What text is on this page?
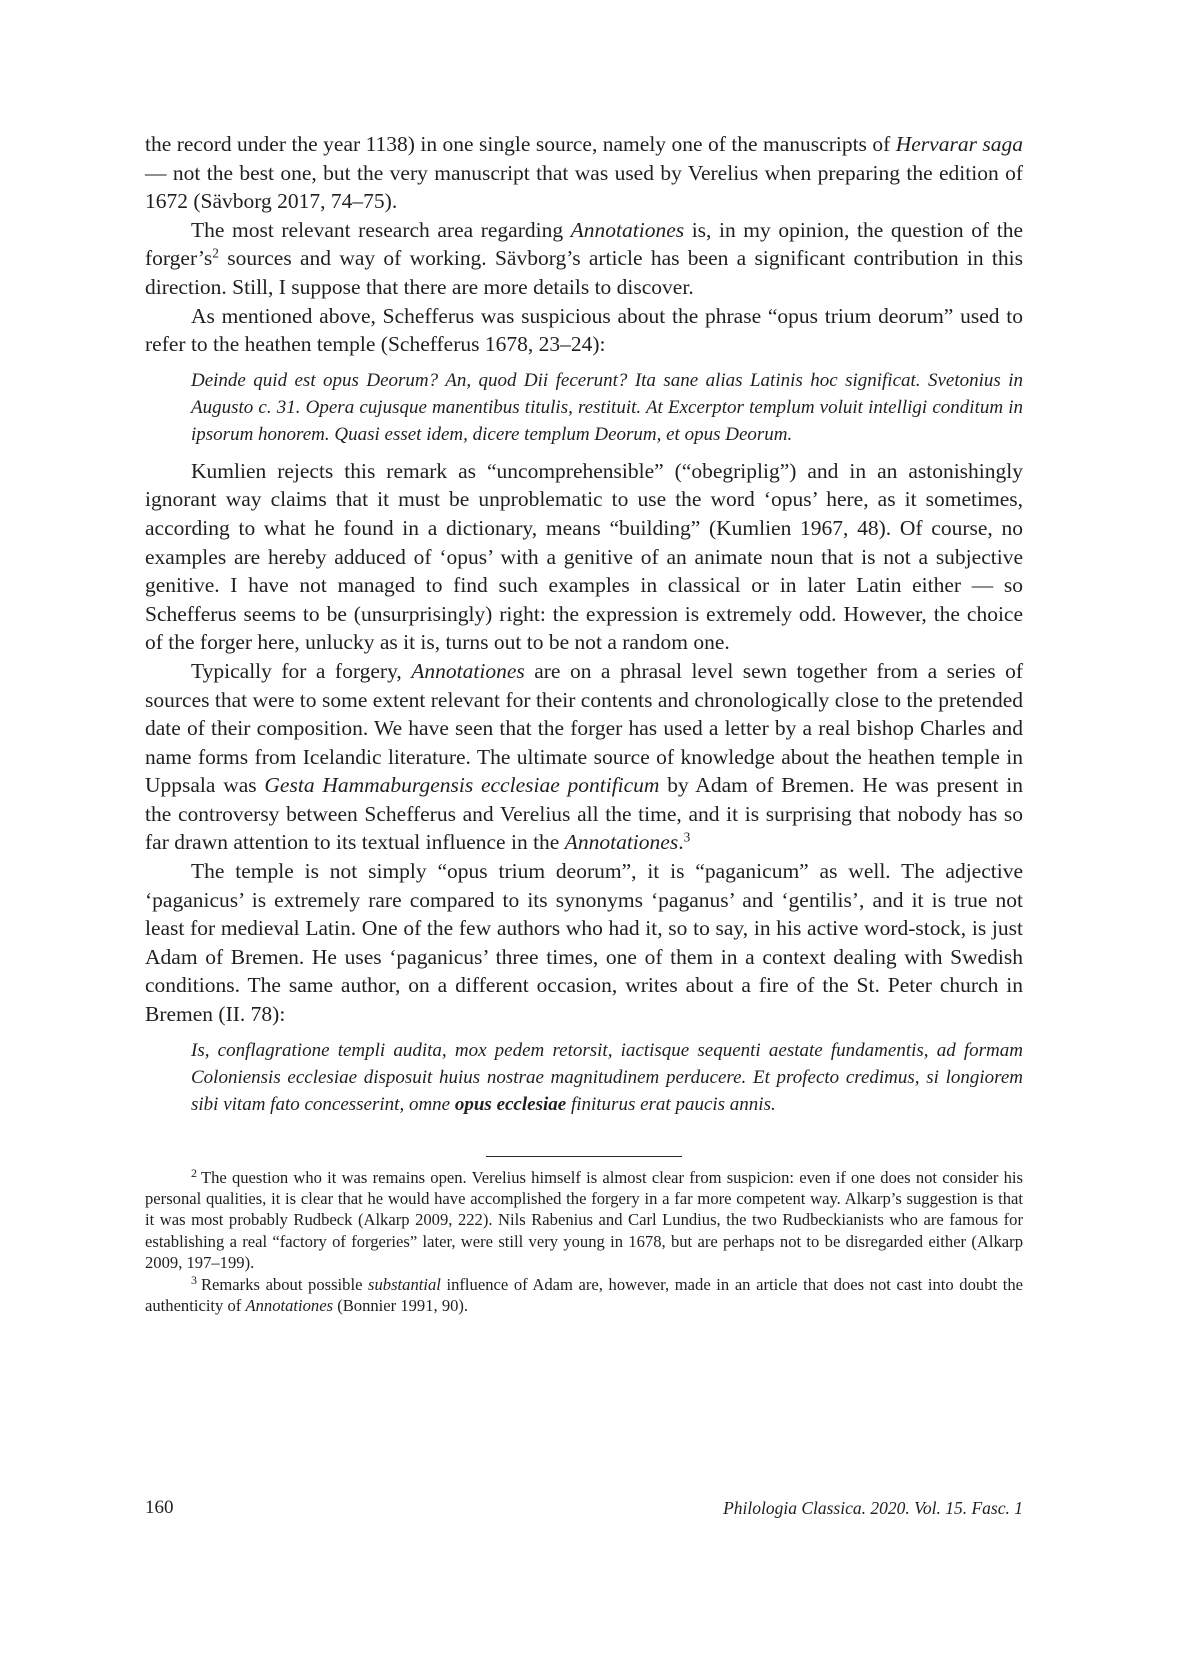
the record under the year 1138) in one single source, namely one of the manuscripts of Hervarar saga — not the best one, but the very manuscript that was used by Verelius when preparing the edition of 1672 (Sävborg 2017, 74–75).

The most relevant research area regarding Annotationes is, in my opinion, the question of the $forger’s^2$ sources and way of working. Sävborg’s article has been a significant contribution in this direction. Still, I suppose that there are more details to discover.

As mentioned above, Schefferus was suspicious about the phrase “opus trium deorum” used to refer to the heathen temple (Schefferus 1678, 23–24):

Deinde quid est opus Deorum? An, quod Dii fecerunt? Ita sane alias Latinis hoc significat. Svetonius in Augusto c. 31. Opera cujusque manentibus titulis, restituit. At Excerptor templum voluit intelligi conditum in ipsorum honorem. Quasi esset idem, dicere templum Deorum, et opus Deorum.

Kumlien rejects this remark as “uncomprehensible” (“obegriplig”) and in an astonishingly ignorant way claims that it must be unproblematic to use the word ‘opus’ here, as it sometimes, according to what he found in a dictionary, means “building” (Kumlien 1967, 48). Of course, no examples are hereby adduced of ‘opus’ with a genitive of an animate noun that is not a subjective genitive. I have not managed to find such examples in classical or in later Latin either — so Schefferus seems to be (unsurprisingly) right: the expression is extremely odd. However, the choice of the forger here, unlucky as it is, turns out to be not a random one.

Typically for a forgery, Annotationes are on a phrasal level sewn together from a series of sources that were to some extent relevant for their contents and chronologically close to the pretended date of their composition. We have seen that the forger has used a letter by a real bishop Charles and name forms from Icelandic literature. The ultimate source of knowledge about the heathen temple in Uppsala was Gesta Hammaburgensis ecclesiae pontificum by Adam of Bremen. He was present in the controversy between Schefferus and Verelius all the time, and it is surprising that nobody has so far drawn attention to its textual influence in the Annotationes.$^3$

The temple is not simply “opus trium deorum”, it is “paganicum” as well. The adjective ‘paganicus’ is extremely rare compared to its synonyms ‘paganus’ and ‘gentilis’, and it is true not least for medieval Latin. One of the few authors who had it, so to say, in his active word-stock, is just Adam of Bremen. He uses ‘paganicus’ three times, one of them in a context dealing with Swedish conditions. The same author, on a different occasion, writes about a fire of the St. Peter church in Bremen (II. 78):

Is, conflagratione templi audita, mox pedem retorsit, iactisque sequenti aestate fundamentis, ad formam Coloniensis ecclesiae disposuit huius nostrae magnitudinem perducere. Et profecto credimus, si longiorem sibi vitam fato concesserint, omne opus ecclesiae finiturus erat paucis annis.

$^2$ The question who it was remains open. Verelius himself is almost clear from suspicion: even if one does not consider his personal qualities, it is clear that he would have accomplished the forgery in a far more competent way. Alkarp’s suggestion is that it was most probably Rudbeck (Alkarp 2009, 222). Nils Rabenius and Carl Lundius, the two Rudbeckianists who are famous for establishing a real “factory of forgeries” later, were still very young in 1678, but are perhaps not to be disregarded either (Alkarp 2009, 197–199).

$^3$ Remarks about possible substantial influence of Adam are, however, made in an article that does not cast into doubt the authenticity of Annotationes (Bonnier 1991, 90).

160	Philologia Classica. 2020. Vol. 15. Fasc. 1
